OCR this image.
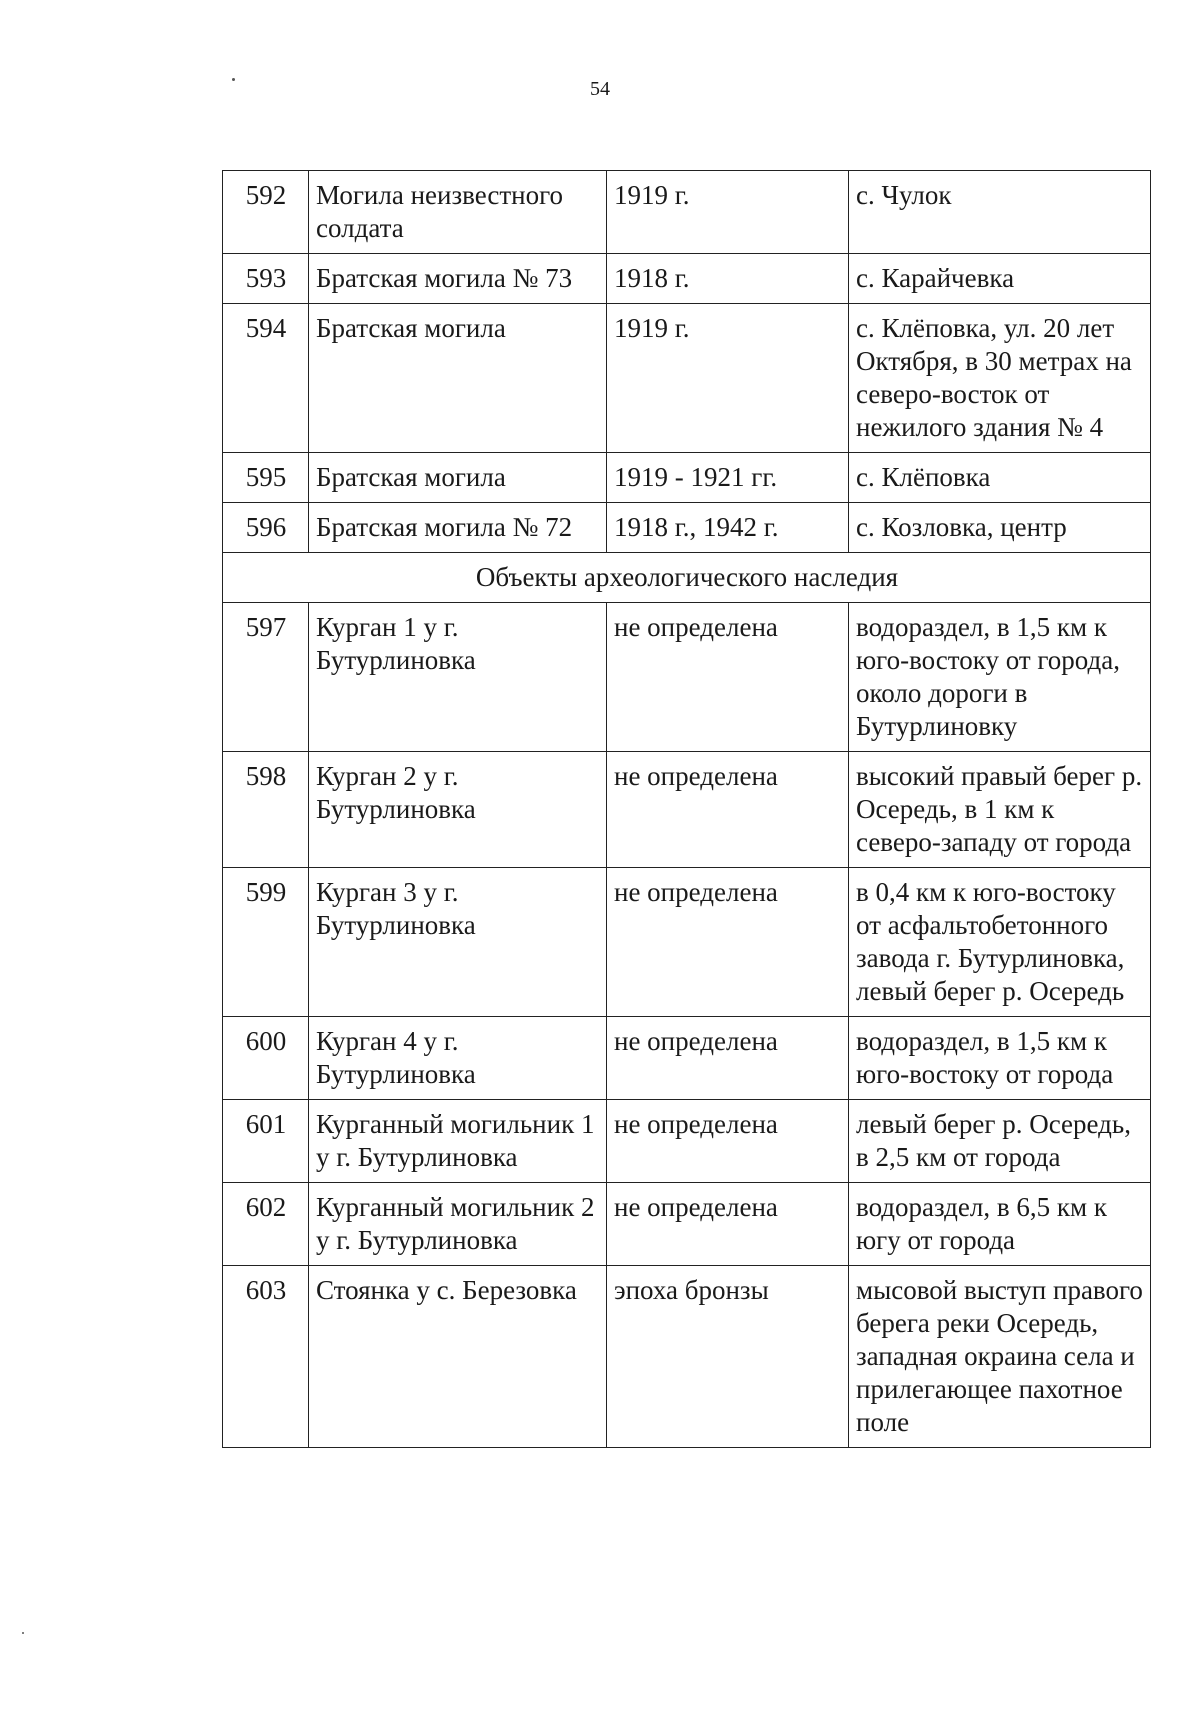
54
592	Могила неизвестного солдата	1919 г.	с. Чулок
593	Братская могила № 73	1918 г.	с. Карайчевка
594	Братская могила	1919 г.	с. Клёповка, ул. 20 лет Октября, в 30 метрах на северо-восток от нежилого здания № 4
595	Братская могила	1919 - 1921 гг.	с. Клёповка
596	Братская могила № 72	1918 г., 1942 г.	с. Козловка, центр
Объекты археологического наследия			
597	Курган 1 у г. Бутурлиновка	не определена	водораздел, в 1,5 км к юго-востоку от города, около дороги в Бутурлиновку
598	Курган 2 у г. Бутурлиновка	не определена	высокий правый берег р. Осередь, в 1 км к северо-западу от города
599	Курган 3 у г. Бутурлиновка	не определена	в 0,4 км к юго-востоку от асфальтобетонного завода г. Бутурлиновка, левый берег р. Осередь
600	Курган 4 у г. Бутурлиновка	не определена	водораздел, в 1,5 км к юго-востоку от города
601	Курганный могильник 1 у г. Бутурлиновка	не определена	левый берег р. Осередь, в 2,5 км от города
602	Курганный могильник 2 у г. Бутурлиновка	не определена	водораздел, в 6,5 км к югу от города
603	Стоянка у с. Березовка	эпоха бронзы	мысовой выступ правого берега реки Осередь, западная окраина села и прилегающее пахотное поле
